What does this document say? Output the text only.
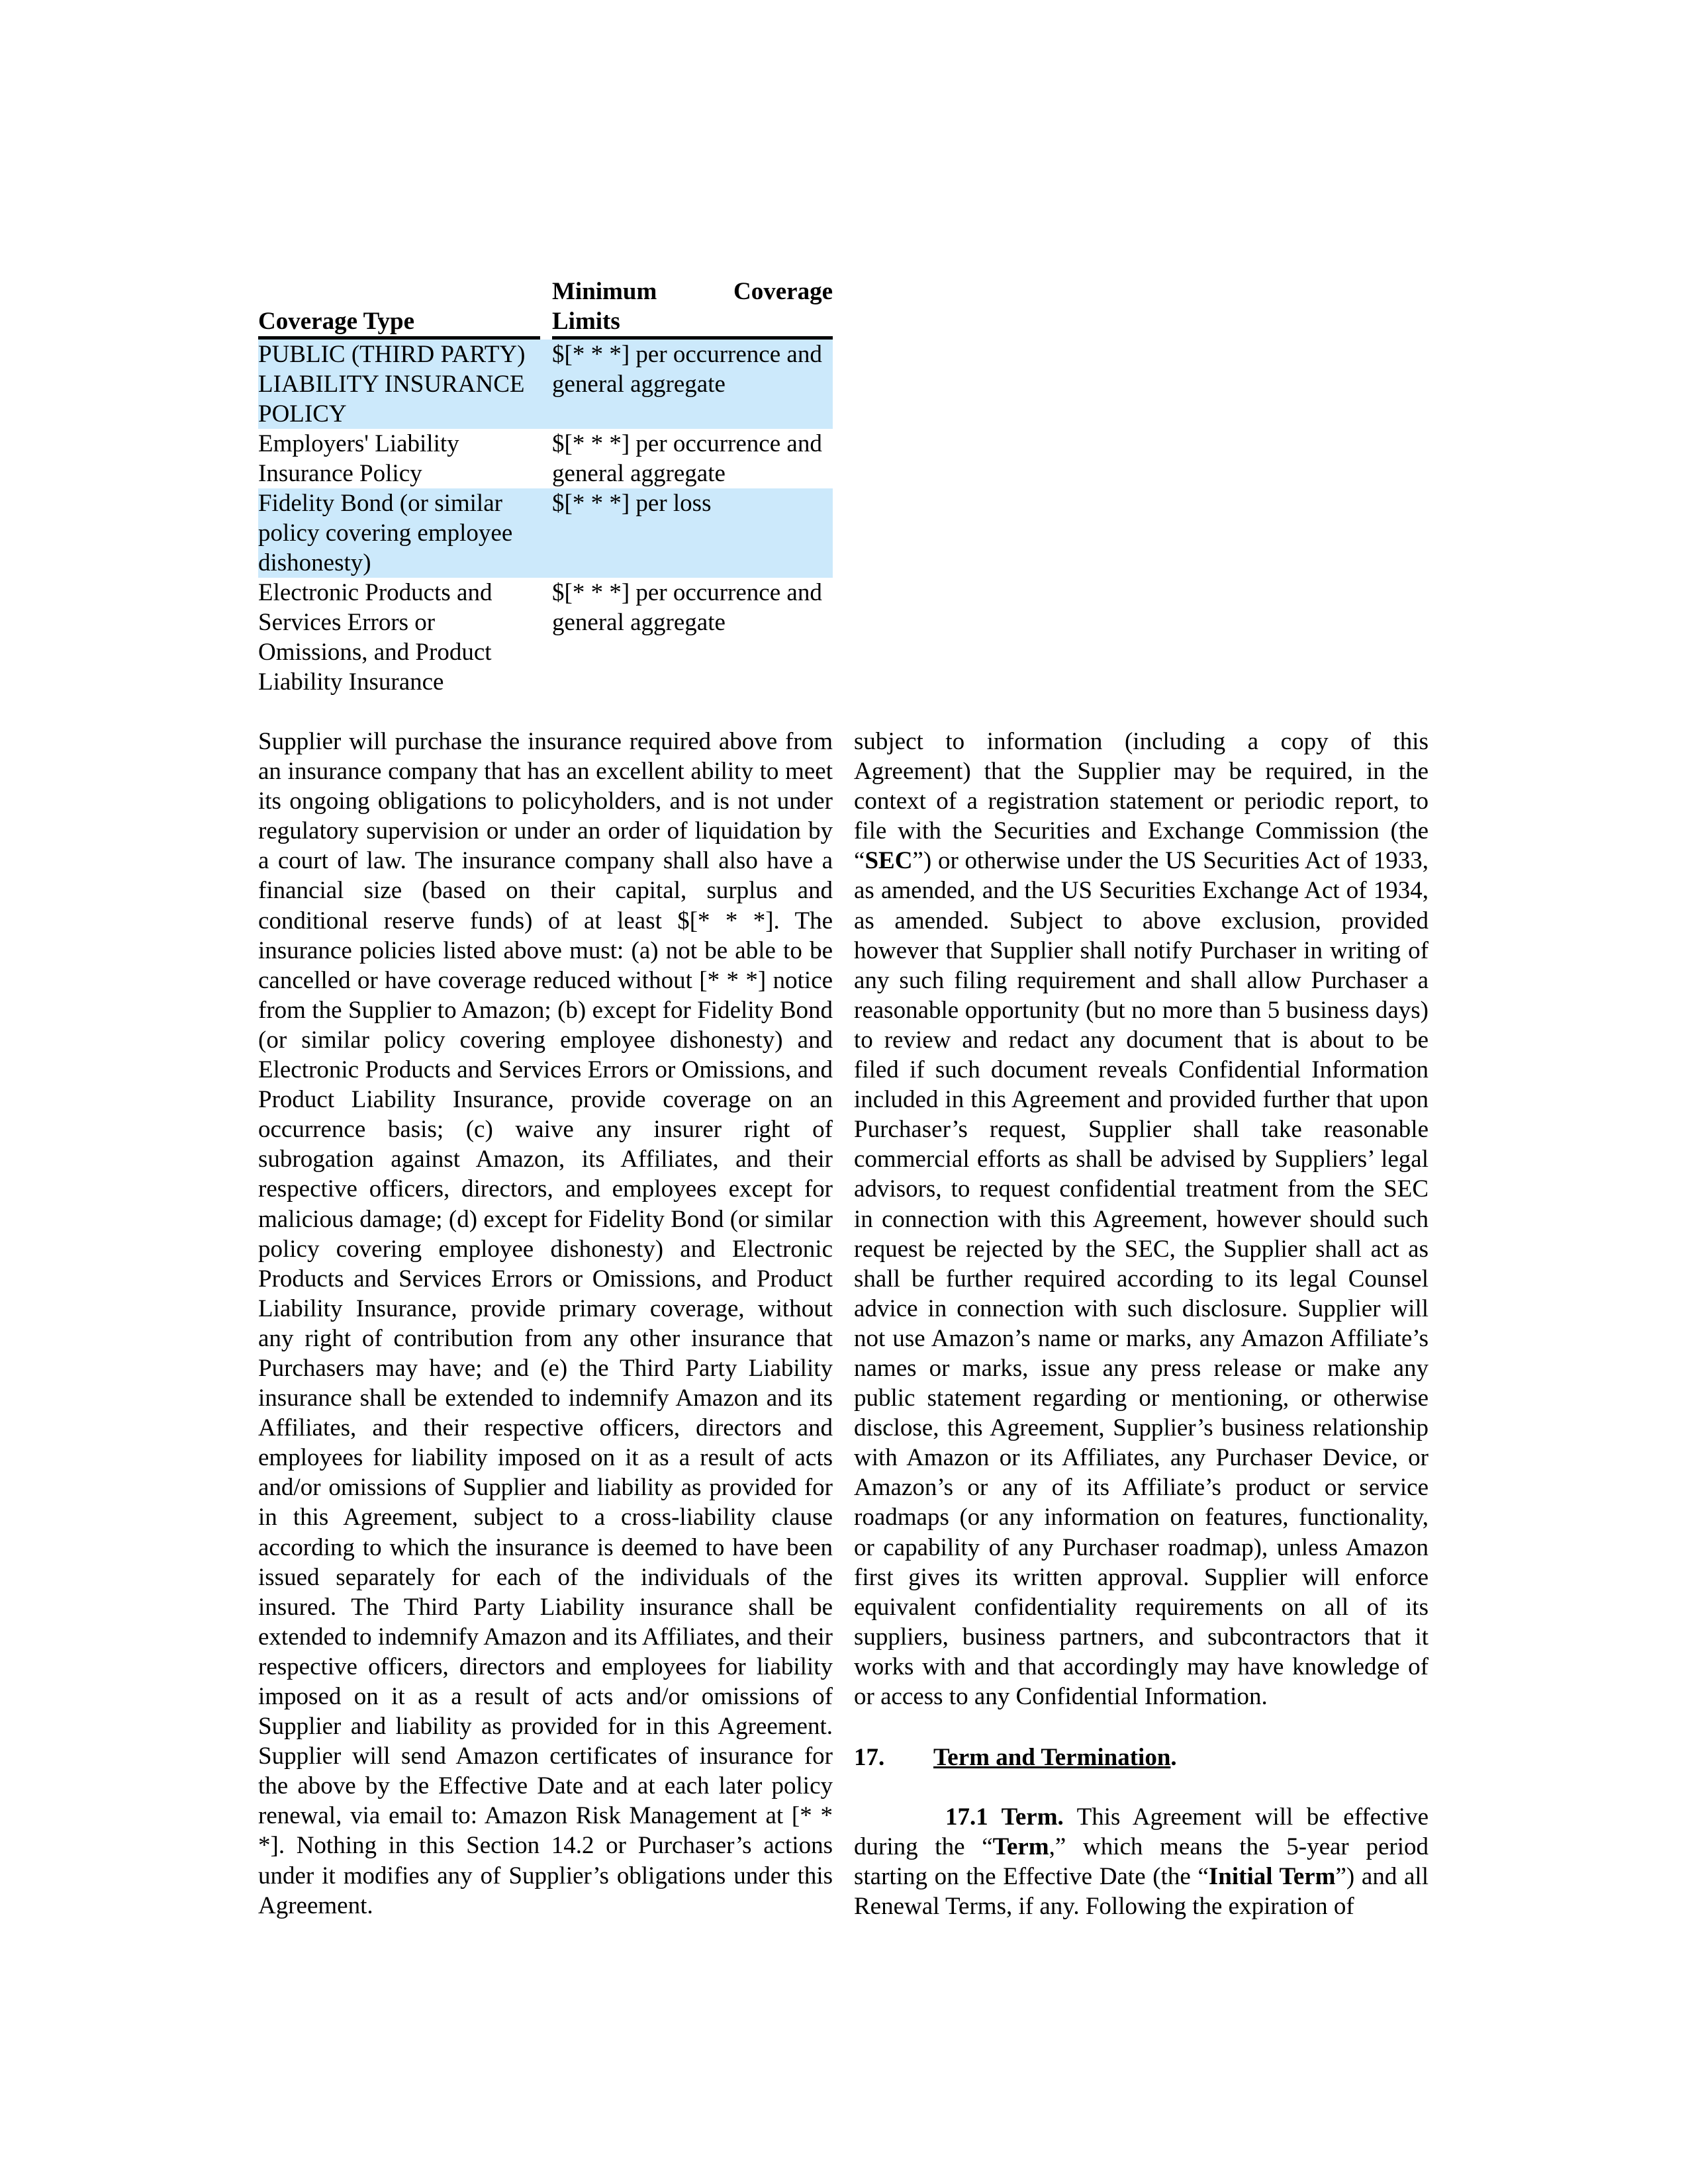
Coverage Type
Minimum Coverage
Limits
PUBLIC (THIRD PARTY) LIABILITY INSURANCE POLICY
$[* * *] per occurrence and general aggregate
Employers' Liability Insurance Policy
$[* * *] per occurrence and general aggregate
Fidelity Bond (or similar policy covering employee dishonesty)
$[* * *] per loss
Electronic Products and Services Errors or Omissions, and Product Liability Insurance
$[* * *] per occurrence and general aggregate

Supplier will purchase the insurance required above from an insurance company that has an excellent ability to meet its ongoing obligations to policyholders, and is not under regulatory supervision or under an order of liquidation by a court of law. The insurance company shall also have a financial size (based on their capital, surplus and conditional reserve funds) of at least $[* * *]. The insurance policies listed above must: (a) not be able to be cancelled or have coverage reduced without [* * *] notice from the Supplier to Amazon; (b) except for Fidelity Bond (or similar policy covering employee dishonesty) and Electronic Products and Services Errors or Omissions, and Product Liability Insurance, provide coverage on an occurrence basis; (c) waive any insurer right of subrogation against Amazon, its Affiliates, and their respective officers, directors, and employees except for malicious damage; (d) except for Fidelity Bond (or similar policy covering employee dishonesty) and Electronic Products and Services Errors or Omissions, and Product Liability Insurance, provide primary coverage, without any right of contribution from any other insurance that Purchasers may have; and (e) the Third Party Liability insurance shall be extended to indemnify Amazon and its Affiliates, and their respective officers, directors and employees for liability imposed on it as a result of acts and/or omissions of Supplier and liability as provided for in this Agreement, subject to a cross-liability clause according to which the insurance is deemed to have been issued separately for each of the individuals of the insured. The Third Party Liability insurance shall be extended to indemnify Amazon and its Affiliates, and their respective officers, directors and employees for liability imposed on it as a result of acts and/or omissions of Supplier and liability as provided for in this Agreement. Supplier will send Amazon certificates of insurance for the above by the Effective Date and at each later policy renewal, via email to: Amazon Risk Management at [* * *]. Nothing in this Section 14.2 or Purchaser’s actions under it modifies any of Supplier’s obligations under this Agreement.

subject to information (including a copy of this Agreement) that the Supplier may be required, in the context of a registration statement or periodic report, to file with the Securities and Exchange Commission (the “SEC”) or otherwise under the US Securities Act of 1933, as amended, and the US Securities Exchange Act of 1934, as amended. Subject to above exclusion, provided however that Supplier shall notify Purchaser in writing of any such filing requirement and shall allow Purchaser a reasonable opportunity (but no more than 5 business days) to review and redact any document that is about to be filed if such document reveals Confidential Information included in this Agreement and provided further that upon Purchaser’s request, Supplier shall take reasonable commercial efforts as shall be advised by Suppliers’ legal advisors, to request confidential treatment from the SEC in connection with this Agreement, however should such request be rejected by the SEC, the Supplier shall act as shall be further required according to its legal Counsel advice in connection with such disclosure. Supplier will not use Amazon’s name or marks, any Amazon Affiliate’s names or marks, issue any press release or make any public statement regarding or mentioning, or otherwise disclose, this Agreement, Supplier’s business relationship with Amazon or its Affiliates, any Purchaser Device, or Amazon’s or any of its Affiliate’s product or service roadmaps (or any information on features, functionality, or capability of any Purchaser roadmap), unless Amazon first gives its written approval. Supplier will enforce equivalent confidentiality requirements on all of its suppliers, business partners, and subcontractors that it works with and that accordingly may have knowledge of or access to any Confidential Information.

17. Term and Termination.

17.1 Term. This Agreement will be effective during the “Term,” which means the 5-year period starting on the Effective Date (the “Initial Term”) and all Renewal Terms, if any. Following the expiration of
